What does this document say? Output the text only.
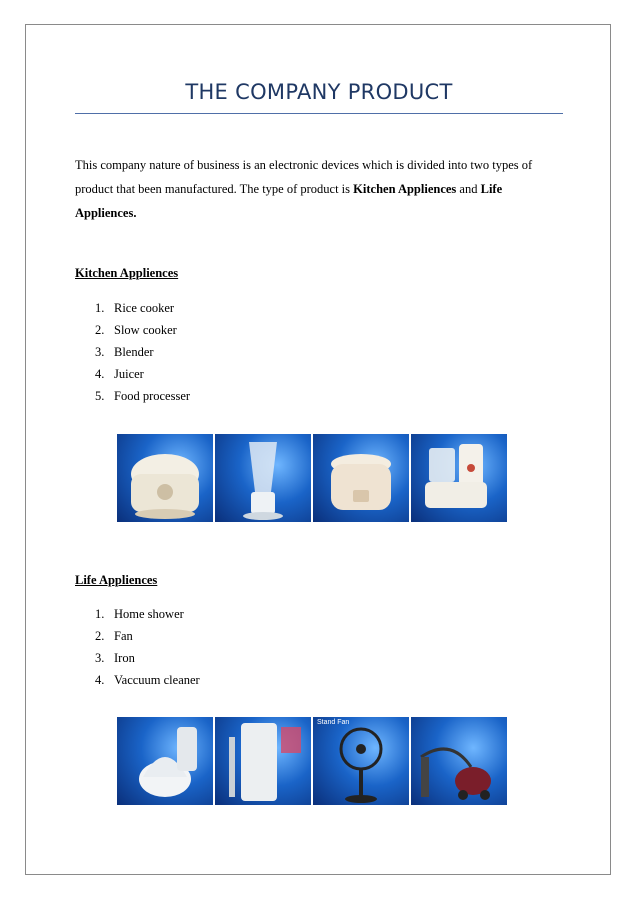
THE COMPANY PRODUCT

This company nature of business is an electronic devices which is divided into two types of product that been manufactured. The type of product is Kitchen Appliences and Life Appliences.

Kitchen Appliences
1. Rice cooker
2. Slow cooker
3. Blender
4. Juicer
5. Food processer
Life Appliences
1. Home shower
2. Fan
3. Iron
4. Vaccuum cleaner
Stand Fan
